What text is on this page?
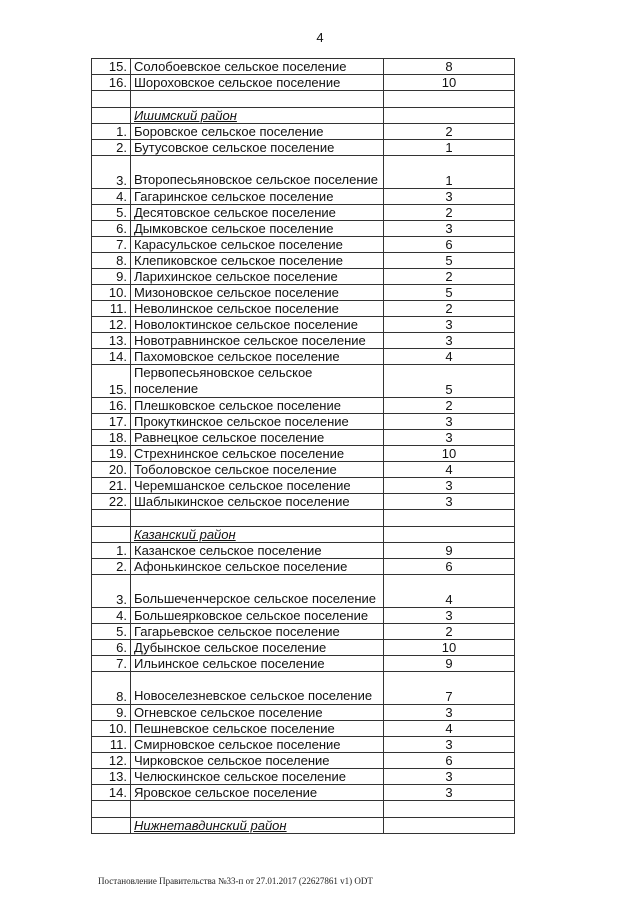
4
15.	Солобоевское сельское поселение	8
16.	Шороховское сельское поселение	10

	Ишимский район	
1.	Боровское сельское поселение	2
2.	Бутусовское сельское поселение	1
3.	Второпесьяновское сельское поселение	1
4.	Гагаринское сельское поселение	3
5.	Десятовское сельское поселение	2
6.	Дымковское сельское поселение	3
7.	Карасульское сельское поселение	6
8.	Клепиковское сельское поселение	5
9.	Ларихинское сельское поселение	2
10.	Мизоновское сельское поселение	5
11.	Неволинское сельское поселение	2
12.	Новолоктинское сельское поселение	3
13.	Новотравнинское сельское поселение	3
14.	Пахомовское сельское поселение	4
15.	Первопесьяновское сельское поселение	5
16.	Плешковское сельское поселение	2
17.	Прокуткинское сельское поселение	3
18.	Равнецкое сельское поселение	3
19.	Стрехнинское сельское поселение	10
20.	Тоболовское сельское поселение	4
21.	Черемшанское сельское поселение	3
22.	Шаблыкинское сельское поселение	3

	Казанский район	
1.	Казанское сельское поселение	9
2.	Афонькинское сельское поселение	6
3.	Большеченчерское сельское поселение	4
4.	Большеярковское сельское поселение	3
5.	Гагарьевское сельское поселение	2
6.	Дубынское сельское поселение	10
7.	Ильинское сельское поселение	9
8.	Новоселезневское сельское поселение	7
9.	Огневское сельское поселение	3
10.	Пешневское сельское поселение	4
11.	Смирновское сельское поселение	3
12.	Чирковское сельское поселение	6
13.	Челюскинское сельское поселение	3
14.	Яровское сельское поселение	3

	Нижнетавдинский район	
Постановление Правительства №33-п от 27.01.2017 (22627861 v1) ODT
